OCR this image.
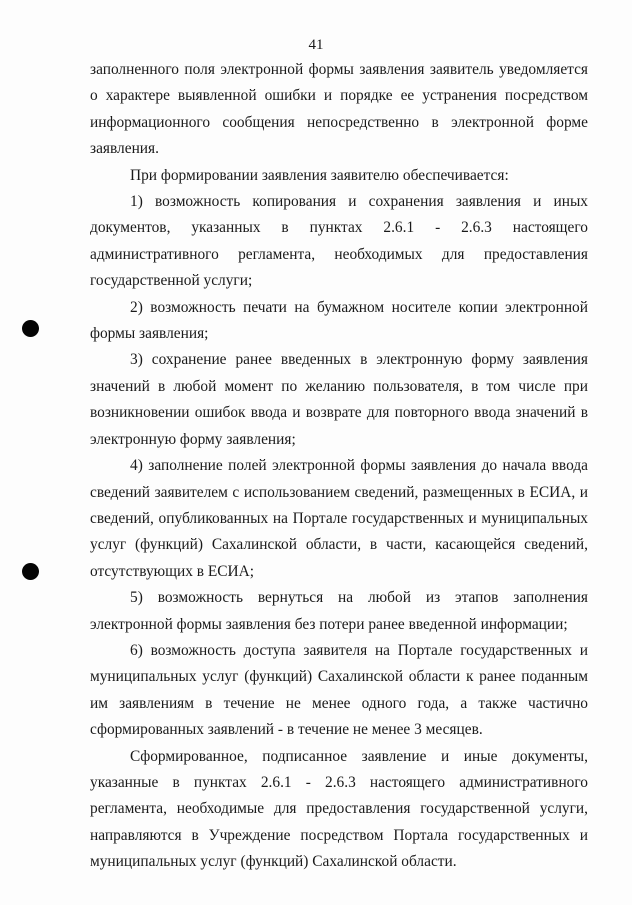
41

заполненного поля электронной формы заявления заявитель уведомляется о характере выявленной ошибки и порядке ее устранения посредством информационного сообщения непосредственно в электронной форме заявления.

При формировании заявления заявителю обеспечивается:

1) возможность копирования и сохранения заявления и иных документов, указанных в пунктах 2.6.1 - 2.6.3 настоящего административного регламента, необходимых для предоставления государственной услуги;

2) возможность печати на бумажном носителе копии электронной формы заявления;

3) сохранение ранее введенных в электронную форму заявления значений в любой момент по желанию пользователя, в том числе при возникновении ошибок ввода и возврате для повторного ввода значений в электронную форму заявления;

4) заполнение полей электронной формы заявления до начала ввода сведений заявителем с использованием сведений, размещенных в ЕСИА, и сведений, опубликованных на Портале государственных и муниципальных услуг (функций) Сахалинской области, в части, касающейся сведений, отсутствующих в ЕСИА;

5) возможность вернуться на любой из этапов заполнения электронной формы заявления без потери ранее введенной информации;

6) возможность доступа заявителя на Портале государственных и муниципальных услуг (функций) Сахалинской области к ранее поданным им заявлениям в течение не менее одного года, а также частично сформированных заявлений - в течение не менее 3 месяцев.

Сформированное, подписанное заявление и иные документы, указанные в пунктах 2.6.1 - 2.6.3 настоящего административного регламента, необходимые для предоставления государственной услуги, направляются в Учреждение посредством Портала государственных и муниципальных услуг (функций) Сахалинской области.
